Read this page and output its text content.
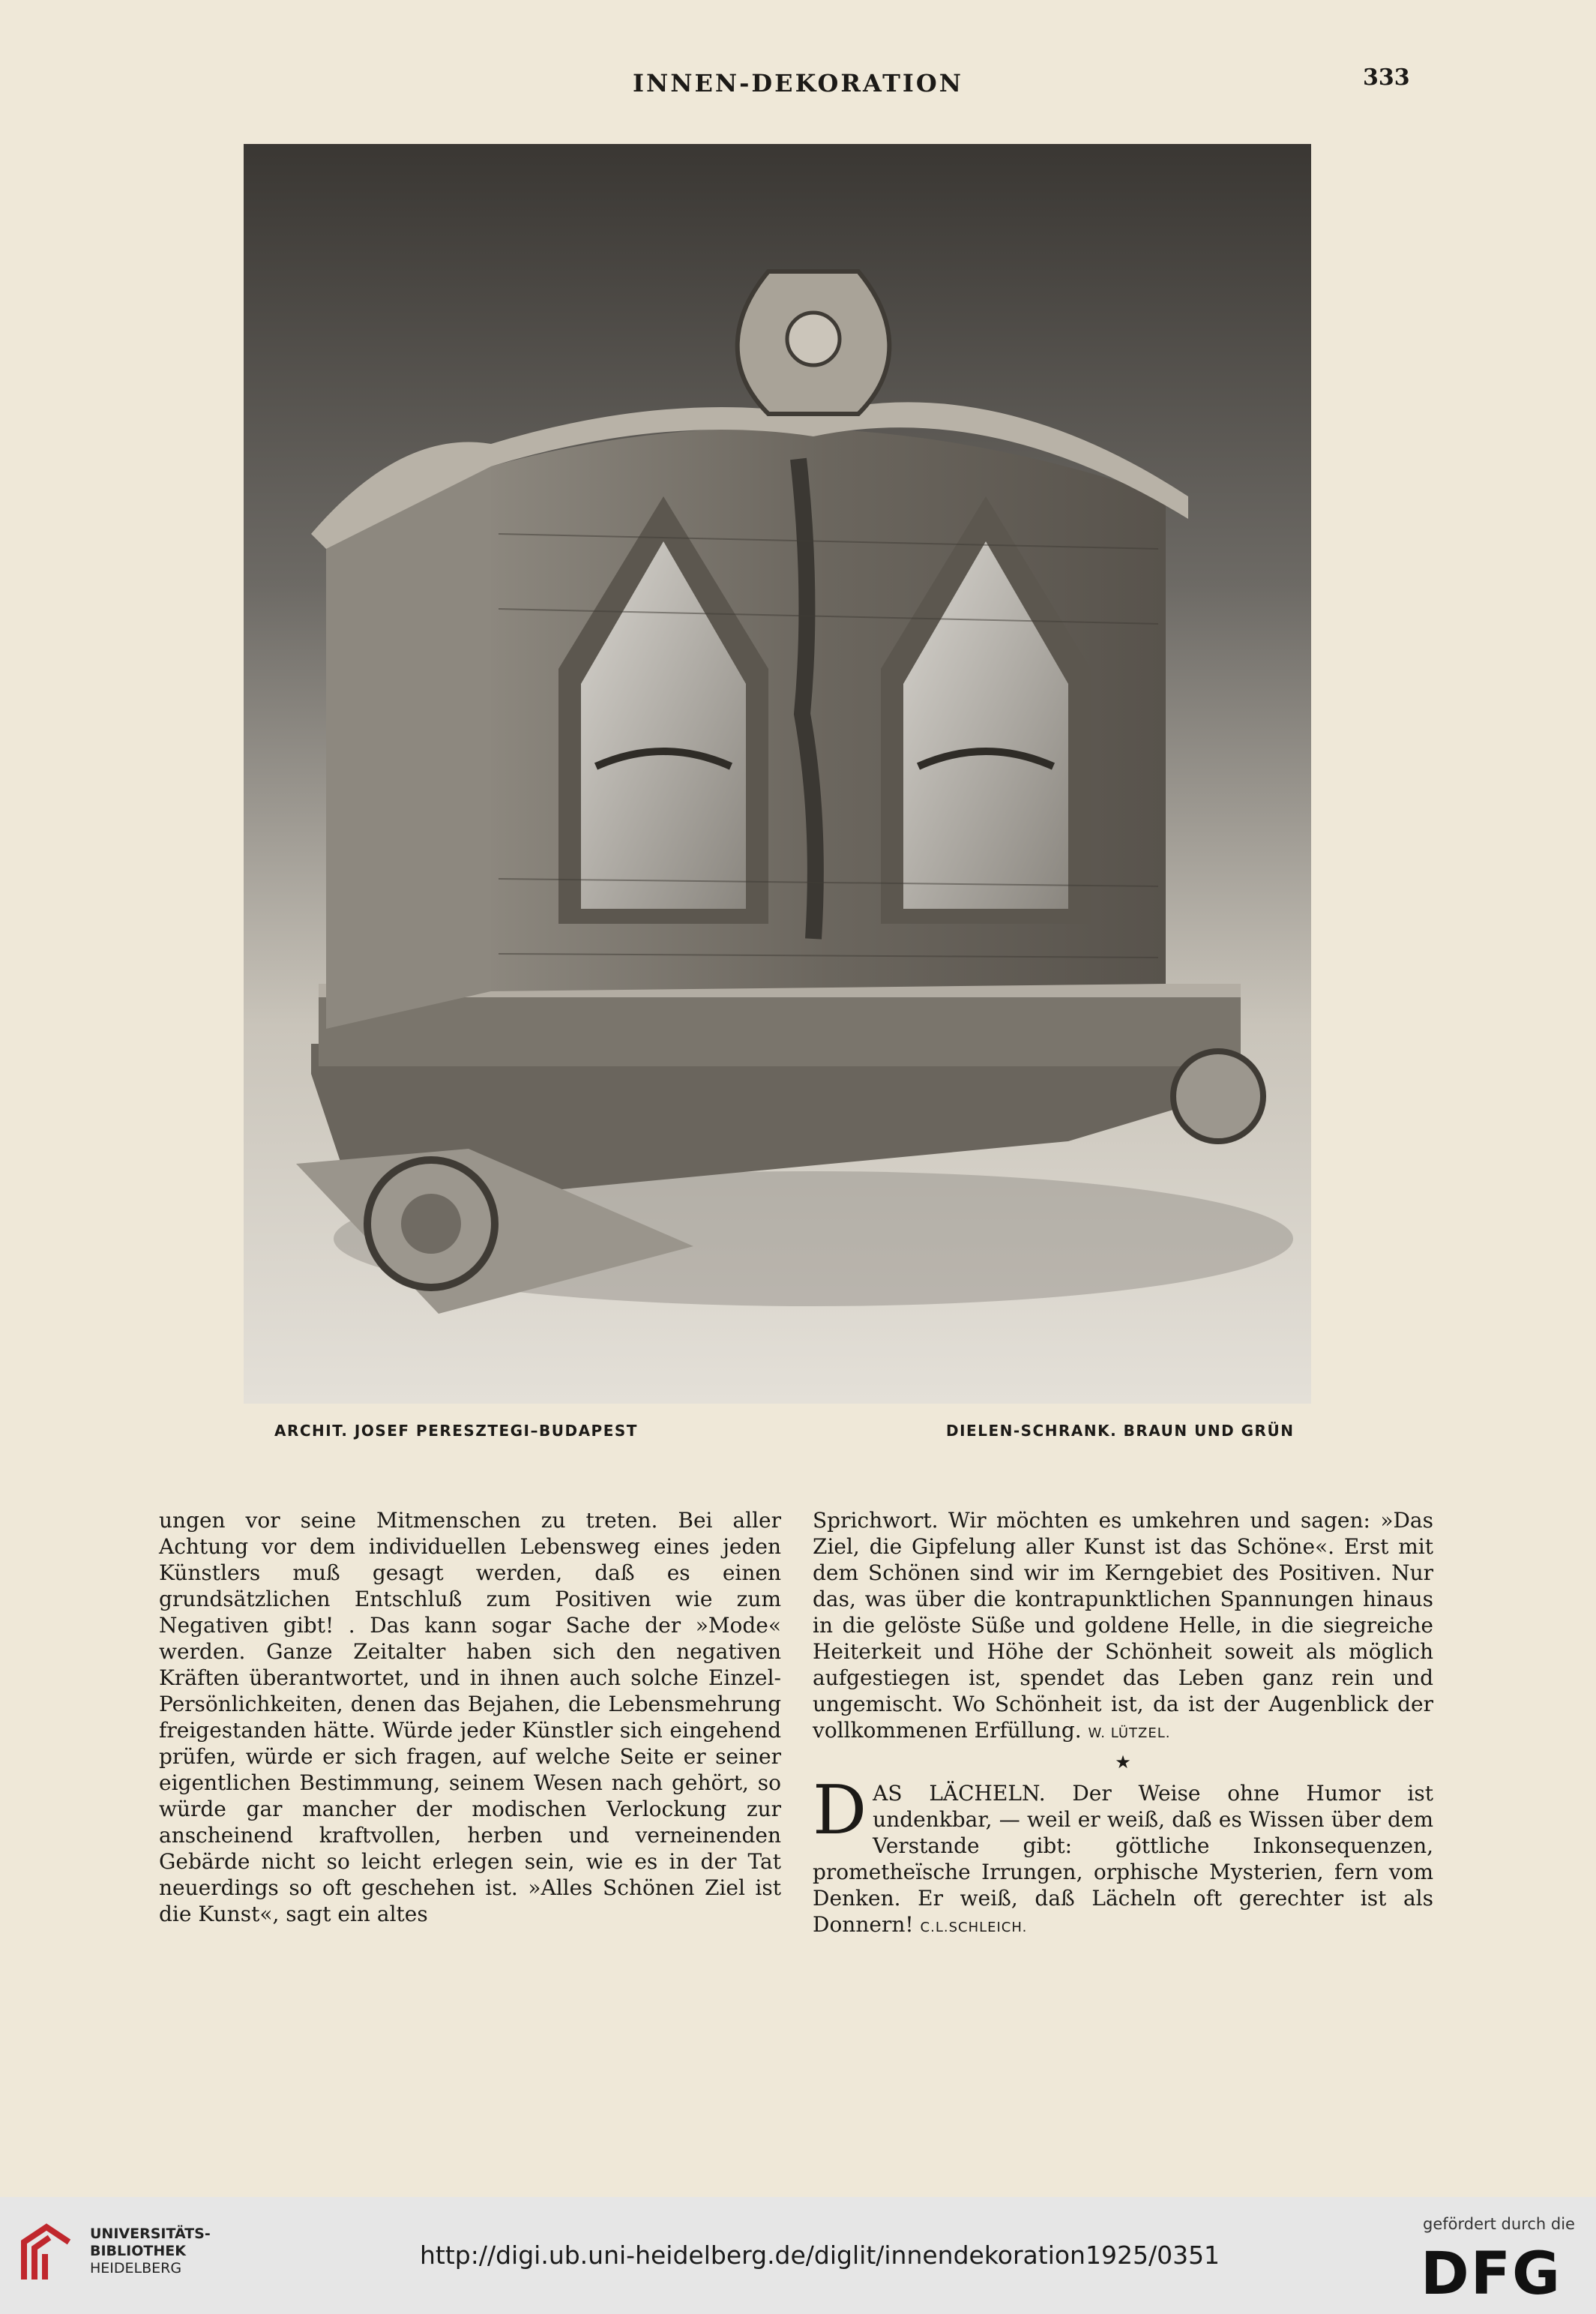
INNEN-DEKORATION	333
ARCHIT. JOSEF PERESZTEGI–BUDAPEST	DIELEN-SCHRANK. BRAUN UND GRÜN

ungen vor seine Mitmenschen zu treten. Bei aller Achtung vor dem individuellen Lebensweg eines jeden Künstlers muß gesagt werden, daß es einen grundsätzlichen Entschluß zum Positiven wie zum Negativen gibt! . Das kann sogar Sache der »Mode« werden. Ganze Zeitalter haben sich den negativen Kräften überantwortet, und in ihnen auch solche Einzel-Persönlichkeiten, denen das Bejahen, die Lebensmehrung freigestanden hätte. Würde jeder Künstler sich eingehend prüfen, würde er sich fragen, auf welche Seite er seiner eigentlichen Bestimmung, seinem Wesen nach gehört, so würde gar mancher der modischen Verlockung zur anscheinend kraftvollen, herben und verneinenden Gebärde nicht so leicht erlegen sein, wie es in der Tat neuerdings so oft geschehen ist. »Alles Schönen Ziel ist die Kunst«, sagt ein altes

Sprichwort. Wir möchten es umkehren und sagen: »Das Ziel, die Gipfelung aller Kunst ist das Schöne«. Erst mit dem Schönen sind wir im Kerngebiet des Positiven. Nur das, was über die kontrapunktlichen Spannungen hinaus in die gelöste Süße und goldene Helle, in die siegreiche Heiterkeit und Höhe der Schönheit soweit als möglich aufgestiegen ist, spendet das Leben ganz rein und ungemischt. Wo Schönheit ist, da ist der Augenblick der vollkommenen Erfüllung. W. LÜTZEL.

★

D AS LÄCHELN. Der Weise ohne Humor ist undenkbar, — weil er weiß, daß es Wissen über dem Verstande gibt: göttliche Inkonsequenzen, prometheïsche Irrungen, orphische Mysterien, fern vom Denken. Er weiß, daß Lächeln oft gerechter ist als Donnern! C.L.SCHLEICH.

UNIVERSITÄTS-
BIBLIOTHEK
HEIDELBERG	http://digi.ub.uni-heidelberg.de/diglit/innendekoration1925/0351
gefördert durch die
DFG
